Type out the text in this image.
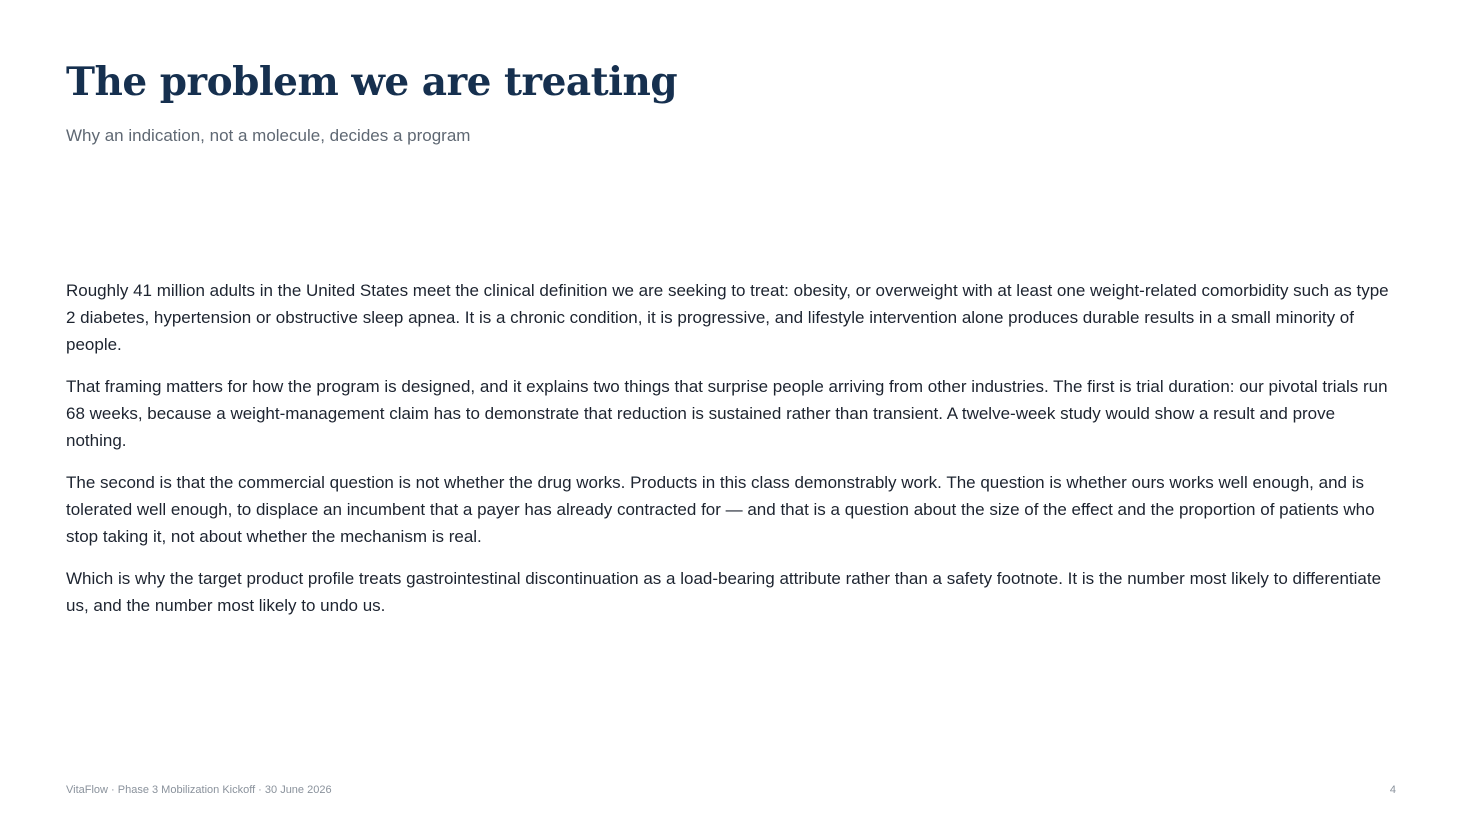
The problem we are treating

Why an indication, not a molecule, decides a program

Roughly 41 million adults in the United States meet the clinical definition we are seeking to treat: obesity, or overweight with at least one weight-related comorbidity such as type 2 diabetes, hypertension or obstructive sleep apnea. It is a chronic condition, it is progressive, and lifestyle intervention alone produces durable results in a small minority of people.

That framing matters for how the program is designed, and it explains two things that surprise people arriving from other industries. The first is trial duration: our pivotal trials run 68 weeks, because a weight-management claim has to demonstrate that reduction is sustained rather than transient. A twelve-week study would show a result and prove nothing.

The second is that the commercial question is not whether the drug works. Products in this class demonstrably work. The question is whether ours works well enough, and is tolerated well enough, to displace an incumbent that a payer has already contracted for — and that is a question about the size of the effect and the proportion of patients who stop taking it, not about whether the mechanism is real.

Which is why the target product profile treats gastrointestinal discontinuation as a load-bearing attribute rather than a safety footnote. It is the number most likely to differentiate us, and the number most likely to undo us.

VitaFlow · Phase 3 Mobilization Kickoff · 30 June 2026	4
